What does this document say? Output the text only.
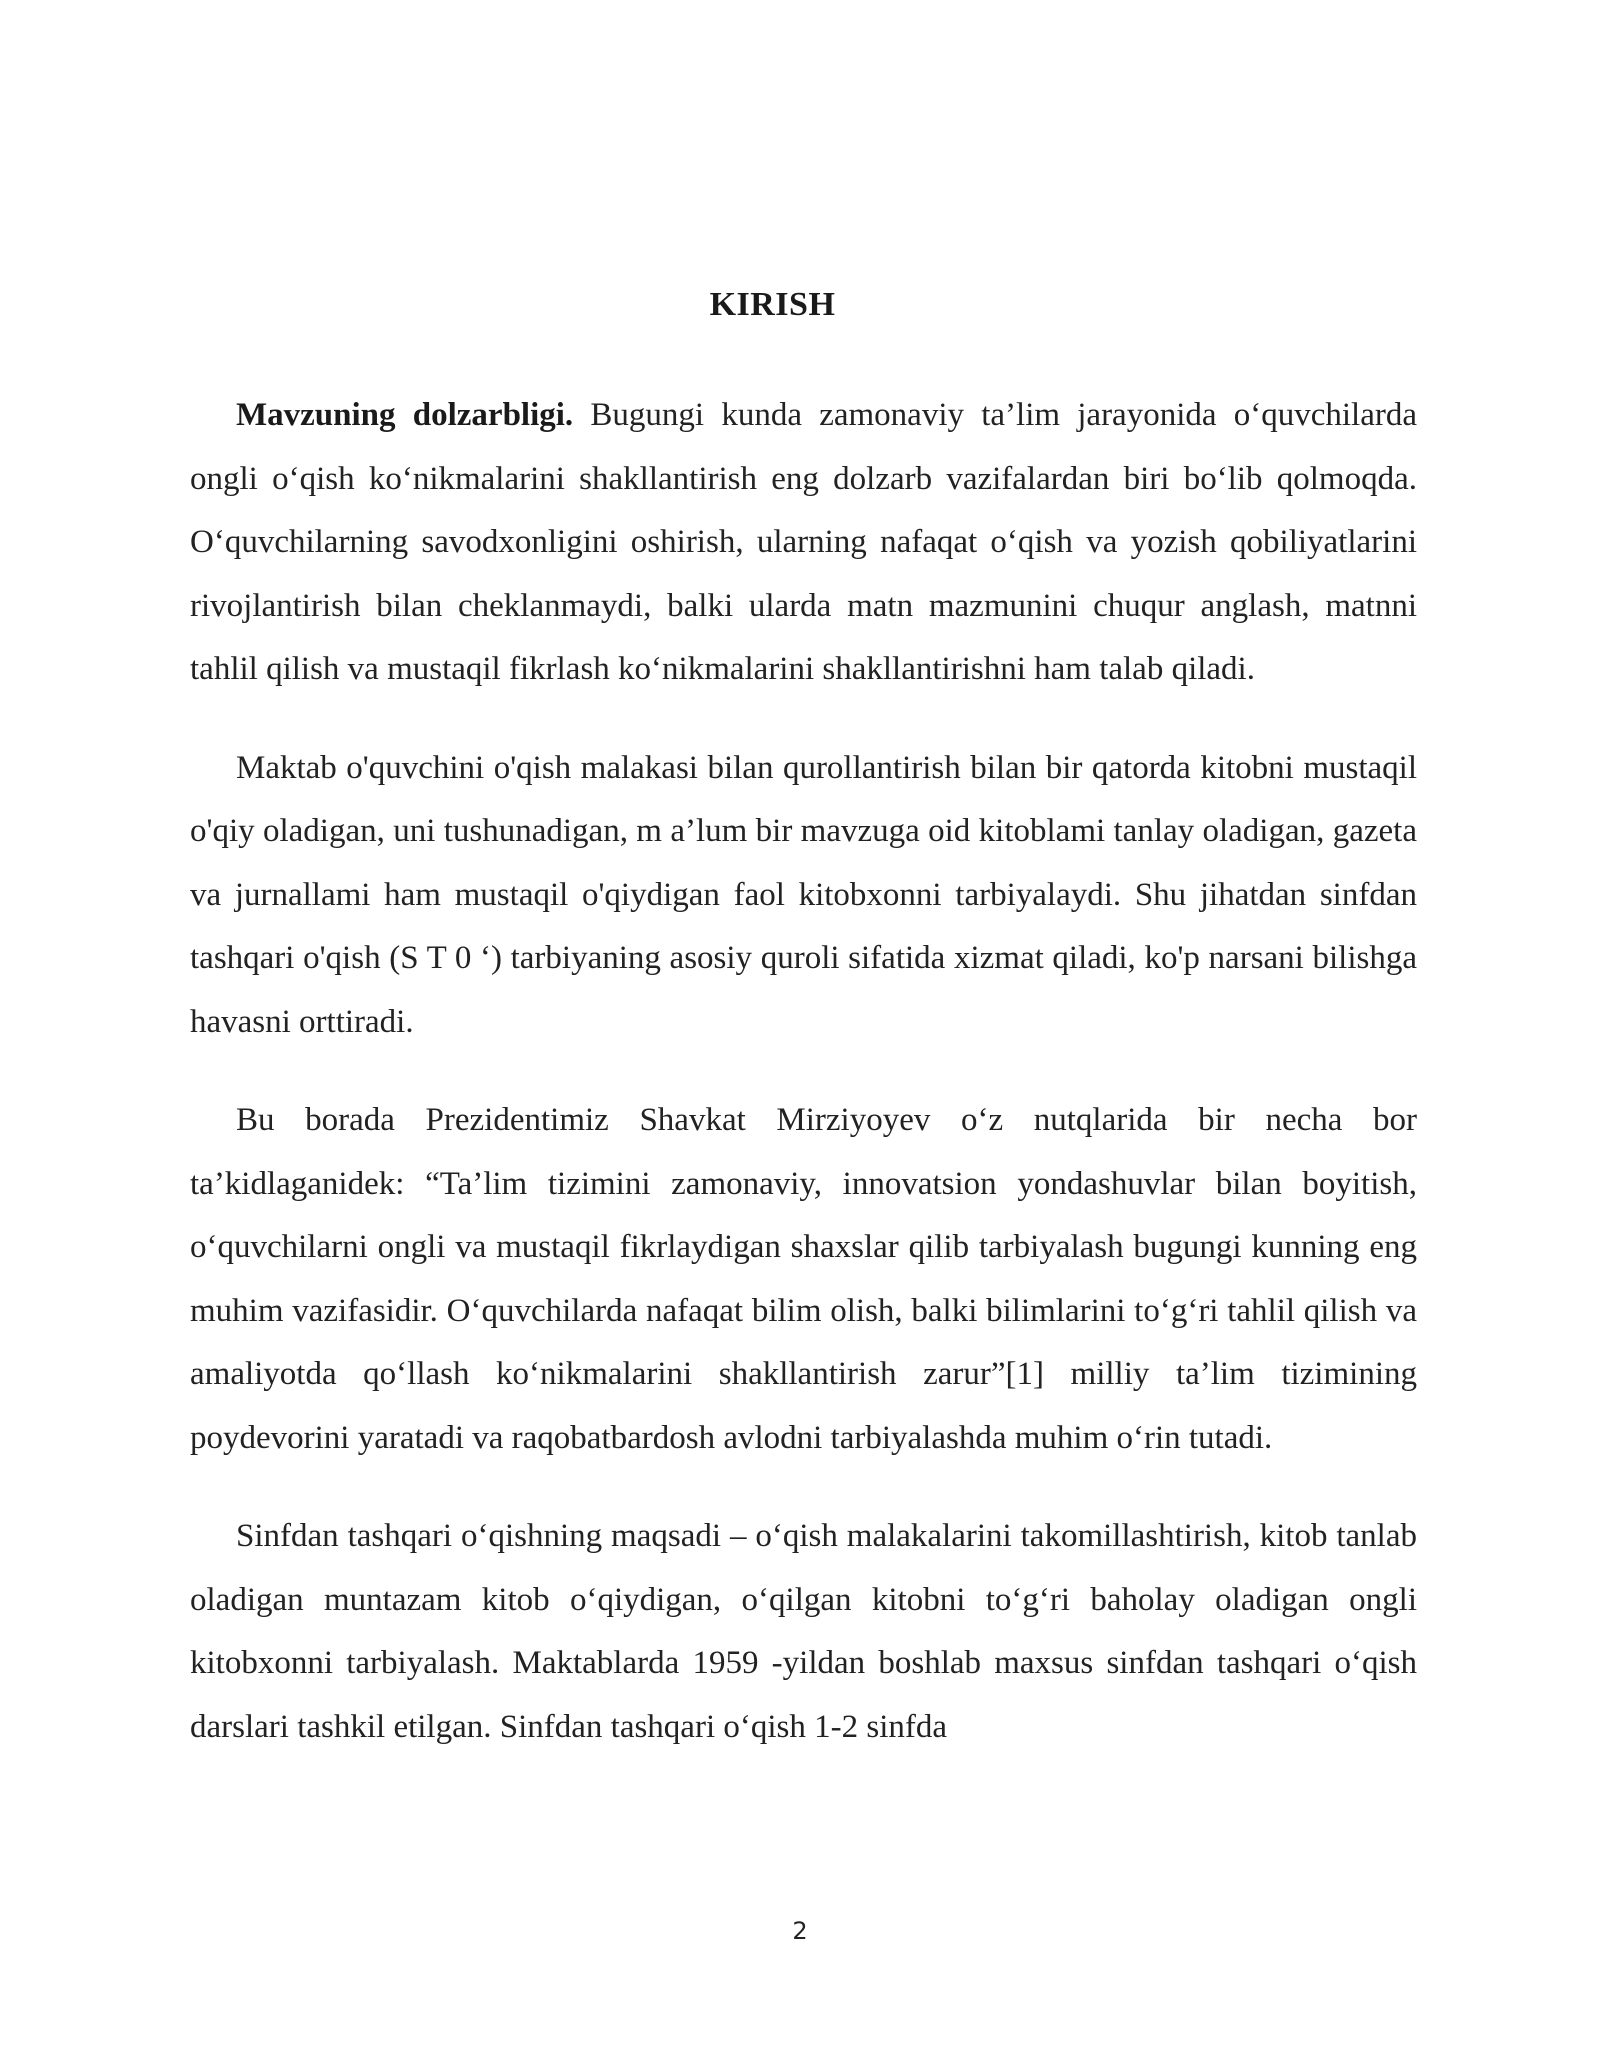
KIRISH

Mavzuning dolzarbligi. Bugungi kunda zamonaviy ta’lim jarayonida o‘quvchilarda ongli o‘qish ko‘nikmalarini shakllantirish eng dolzarb vazifalardan biri bo‘lib qolmoqda. O‘quvchilarning savodxonligini oshirish, ularning nafaqat o‘qish va yozish qobiliyatlarini rivojlantirish bilan cheklanmaydi, balki ularda matn mazmunini chuqur anglash, matnni tahlil qilish va mustaqil fikrlash ko‘nikmalarini shakllantirishni ham talab qiladi.

Maktab o'quvchini o'qish malakasi bilan qurollantirish bilan bir qatorda kitobni mustaqil o'qiy oladigan, uni tushunadigan, m a’lum bir mavzuga oid kitoblami tanlay oladigan, gazeta va jurnallami ham mustaqil o'qiydigan faol kitobxonni tarbiyalaydi. Shu jihatdan sinfdan tashqari o'qish (S T 0 ‘) tarbiyaning asosiy quroli sifatida xizmat qiladi, ko'p narsani bilishga havasni orttiradi.

Bu borada Prezidentimiz Shavkat Mirziyoyev o‘z nutqlarida bir necha bor ta’kidlaganidek: “Ta’lim tizimini zamonaviy, innovatsion yondashuvlar bilan boyitish, o‘quvchilarni ongli va mustaqil fikrlaydigan shaxslar qilib tarbiyalash bugungi kunning eng muhim vazifasidir. O‘quvchilarda nafaqat bilim olish, balki bilimlarini to‘g‘ri tahlil qilish va amaliyotda qo‘llash ko‘nikmalarini shakllantirish zarur”[1] milliy ta’lim tizimining poydevorini yaratadi va raqobatbardosh avlodni tarbiyalashda muhim o‘rin tutadi.

Sinfdan tashqari o‘qishning maqsadi – o‘qish malakalarini takomillashtirish, kitob tanlab oladigan muntazam kitob o‘qiydigan, o‘qilgan kitobni to‘g‘ri baholay oladigan ongli kitobxonni tarbiyalash. Maktablarda 1959 -yildan boshlab maxsus sinfdan tashqari o‘qish darslari tashkil etilgan. Sinfdan tashqari o‘qish 1-2 sinfda

2
